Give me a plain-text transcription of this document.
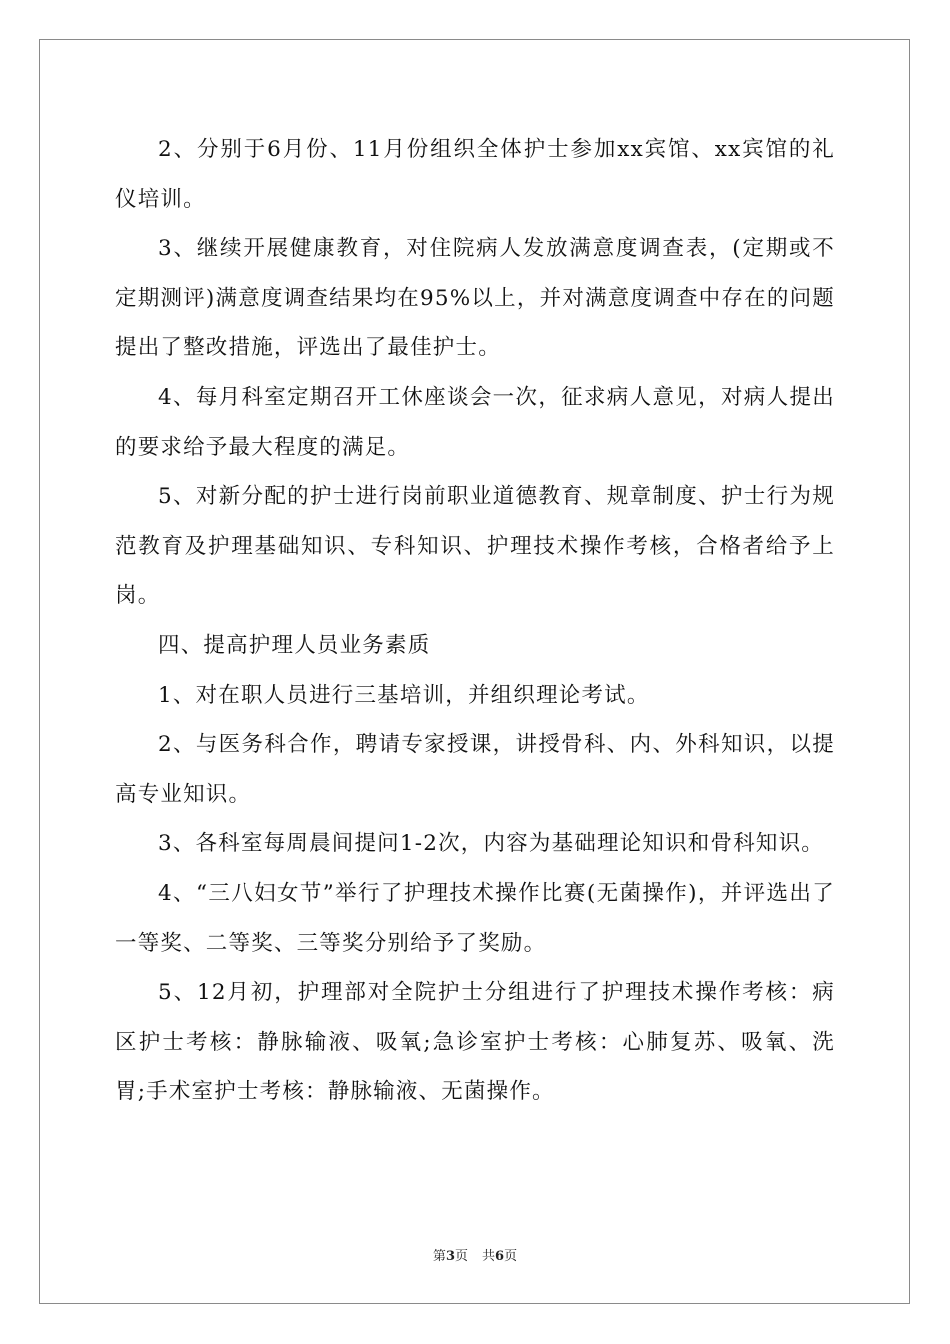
2、分别于6月份、11月份组织全体护士参加xx宾馆、xx宾馆的礼仪培训。

3、继续开展健康教育，对住院病人发放满意度调查表，(定期或不定期测评)满意度调查结果均在95%以上，并对满意度调查中存在的问题提出了整改措施，评选出了最佳护士。

4、每月科室定期召开工休座谈会一次，征求病人意见，对病人提出的要求给予最大程度的满足。

5、对新分配的护士进行岗前职业道德教育、规章制度、护士行为规范教育及护理基础知识、专科知识、护理技术操作考核，合格者给予上岗。

四、提高护理人员业务素质

1、对在职人员进行三基培训，并组织理论考试。

2、与医务科合作，聘请专家授课，讲授骨科、内、外科知识，以提高专业知识。

3、各科室每周晨间提问1-2次，内容为基础理论知识和骨科知识。

4、“三八妇女节”举行了护理技术操作比赛(无菌操作)，并评选出了一等奖、二等奖、三等奖分别给予了奖励。

5、12月初，护理部对全院护士分组进行了护理技术操作考核：病区护士考核：静脉输液、吸氧;急诊室护士考核：心肺复苏、吸氧、洗胃;手术室护士考核：静脉输液、无菌操作。

第3页 共6页
